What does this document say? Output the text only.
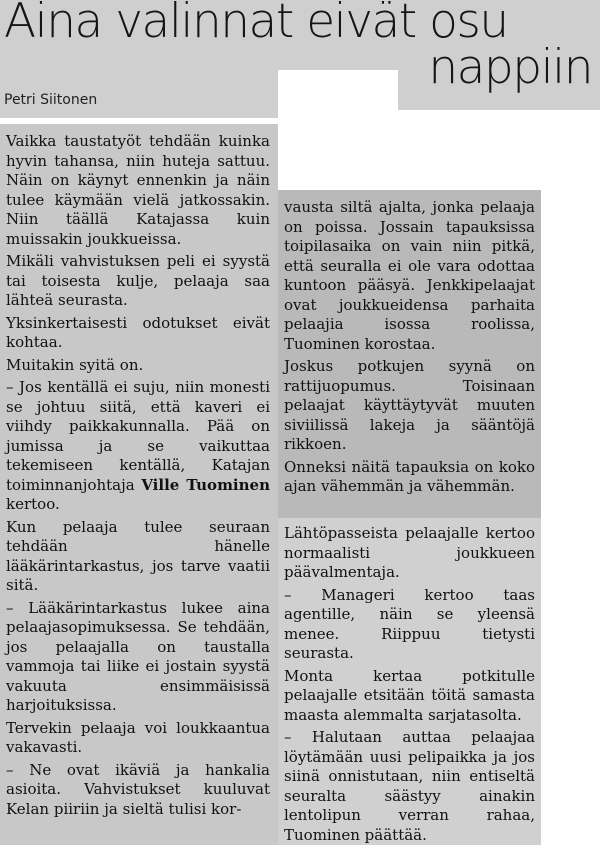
Aina valinnat eivät osu
nappiin
Petri Siitonen

Vaikka taustatyöt tehdään kuinka hyvin tahansa, niin huteja sattuu. Näin on käynyt ennenkin ja näin tulee käymään vielä jatkossakin. Niin täällä Katajassa kuin muissakin joukkueissa.

Mikäli vahvistuksen peli ei syystä tai toisesta kulje, pelaaja saa lähteä seurasta.

Yksinkertaisesti odotukset eivät kohtaa.

Muitakin syitä on.

– Jos kentällä ei suju, niin monesti se johtuu siitä, että kaveri ei viihdy paikkakunnalla. Pää on jumissa ja se vaikuttaa tekemiseen kentällä, Katajan toiminnanjohtaja Ville Tuominen kertoo.

Kun pelaaja tulee seuraan tehdään hänelle lääkärintarkastus, jos tarve vaatii sitä.

– Lääkärintarkastus lukee aina pelaajasopimuksessa. Se tehdään, jos pelaajalla on taustalla vammoja tai liike ei jostain syystä vakuuta ensimmäisissä harjoituksissa.

Tervekin pelaaja voi loukkaantua vakavasti.

– Ne ovat ikäviä ja hankalia asioita. Vahvistukset kuuluvat Kelan piiriin ja sieltä tulisi kor-

vausta siltä ajalta, jonka pelaaja on poissa. Jossain tapauksissa toipilasaika on vain niin pitkä, että seuralla ei ole vara odottaa kuntoon pääsyä. Jenkkipelaajat ovat joukkueidensa parhaita pelaajia isossa roolissa, Tuominen korostaa.

Joskus potkujen syynä on rattijuopumus. Toisinaan pelaajat käyttäytyvät muuten siviilissä lakeja ja sääntöjä rikkoen.

Onneksi näitä tapauksia on koko ajan vähemmän ja vähemmän.

Lähtöpasseista pelaajalle kertoo normaalisti joukkueen päävalmentaja.

– Manageri kertoo taas agentille, näin se yleensä menee. Riippuu tietysti seurasta.

Monta kertaa potkitulle pelaajalle etsitään töitä samasta maasta alemmalta sarjatasolta.

– Halutaan auttaa pelaajaa löytämään uusi pelipaikka ja jos siinä onnistutaan, niin entiseltä seuralta säästyy ainakin lentolipun verran rahaa, Tuominen päättää.
